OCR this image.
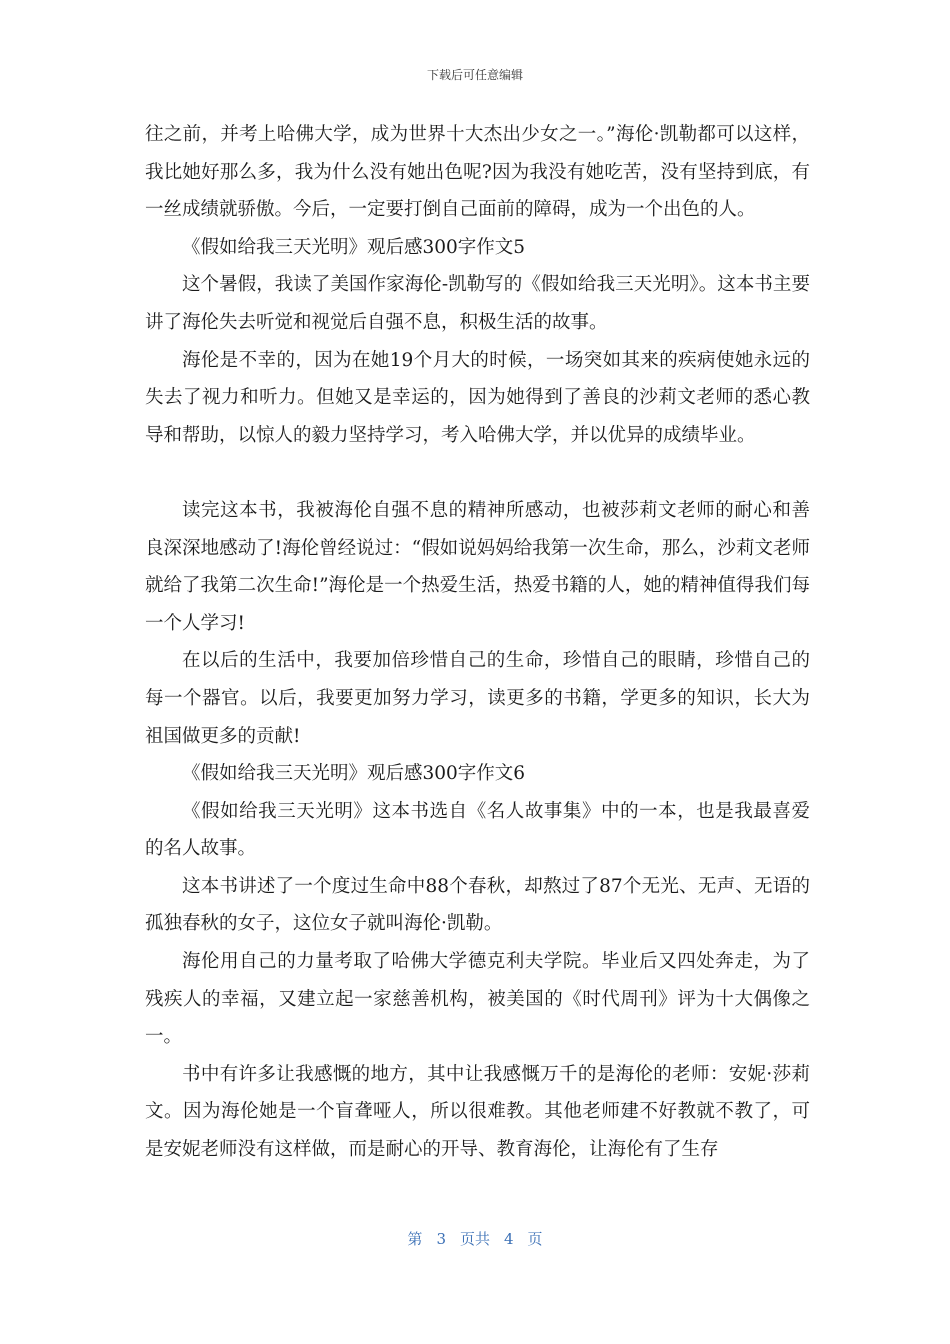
下载后可任意编辑

往之前，并考上哈佛大学，成为世界十大杰出少女之一。”海伦·凯勒都可以这样，我比她好那么多，我为什么没有她出色呢?因为我没有她吃苦，没有坚持到底，有一丝成绩就骄傲。今后，一定要打倒自己面前的障碍，成为一个出色的人。

《假如给我三天光明》观后感300字作文5

这个暑假，我读了美国作家海伦-凯勒写的《假如给我三天光明》。这本书主要讲了海伦失去听觉和视觉后自强不息，积极生活的故事。

海伦是不幸的，因为在她19个月大的时候，一场突如其来的疾病使她永远的失去了视力和听力。但她又是幸运的，因为她得到了善良的沙莉文老师的悉心教导和帮助，以惊人的毅力坚持学习，考入哈佛大学，并以优异的成绩毕业。

读完这本书，我被海伦自强不息的精神所感动，也被莎莉文老师的耐心和善良深深地感动了!海伦曾经说过：“假如说妈妈给我第一次生命，那么，沙莉文老师就给了我第二次生命!”海伦是一个热爱生活，热爱书籍的人，她的精神值得我们每一个人学习!

在以后的生活中，我要加倍珍惜自己的生命，珍惜自己的眼睛，珍惜自己的每一个器官。以后，我要更加努力学习，读更多的书籍，学更多的知识，长大为祖国做更多的贡献!

《假如给我三天光明》观后感300字作文6

《假如给我三天光明》这本书选自《名人故事集》中的一本，也是我最喜爱的名人故事。

这本书讲述了一个度过生命中88个春秋，却熬过了87个无光、无声、无语的孤独春秋的女子，这位女子就叫海伦·凯勒。

海伦用自己的力量考取了哈佛大学德克利夫学院。毕业后又四处奔走，为了残疾人的幸福，又建立起一家慈善机构，被美国的《时代周刊》评为十大偶像之一。

书中有许多让我感慨的地方，其中让我感慨万千的是海伦的老师：安妮·莎莉文。因为海伦她是一个盲聋哑人，所以很难教。其他老师建不好教就不教了，可是安妮老师没有这样做，而是耐心的开导、教育海伦，让海伦有了生存

第 3 页共 4 页
